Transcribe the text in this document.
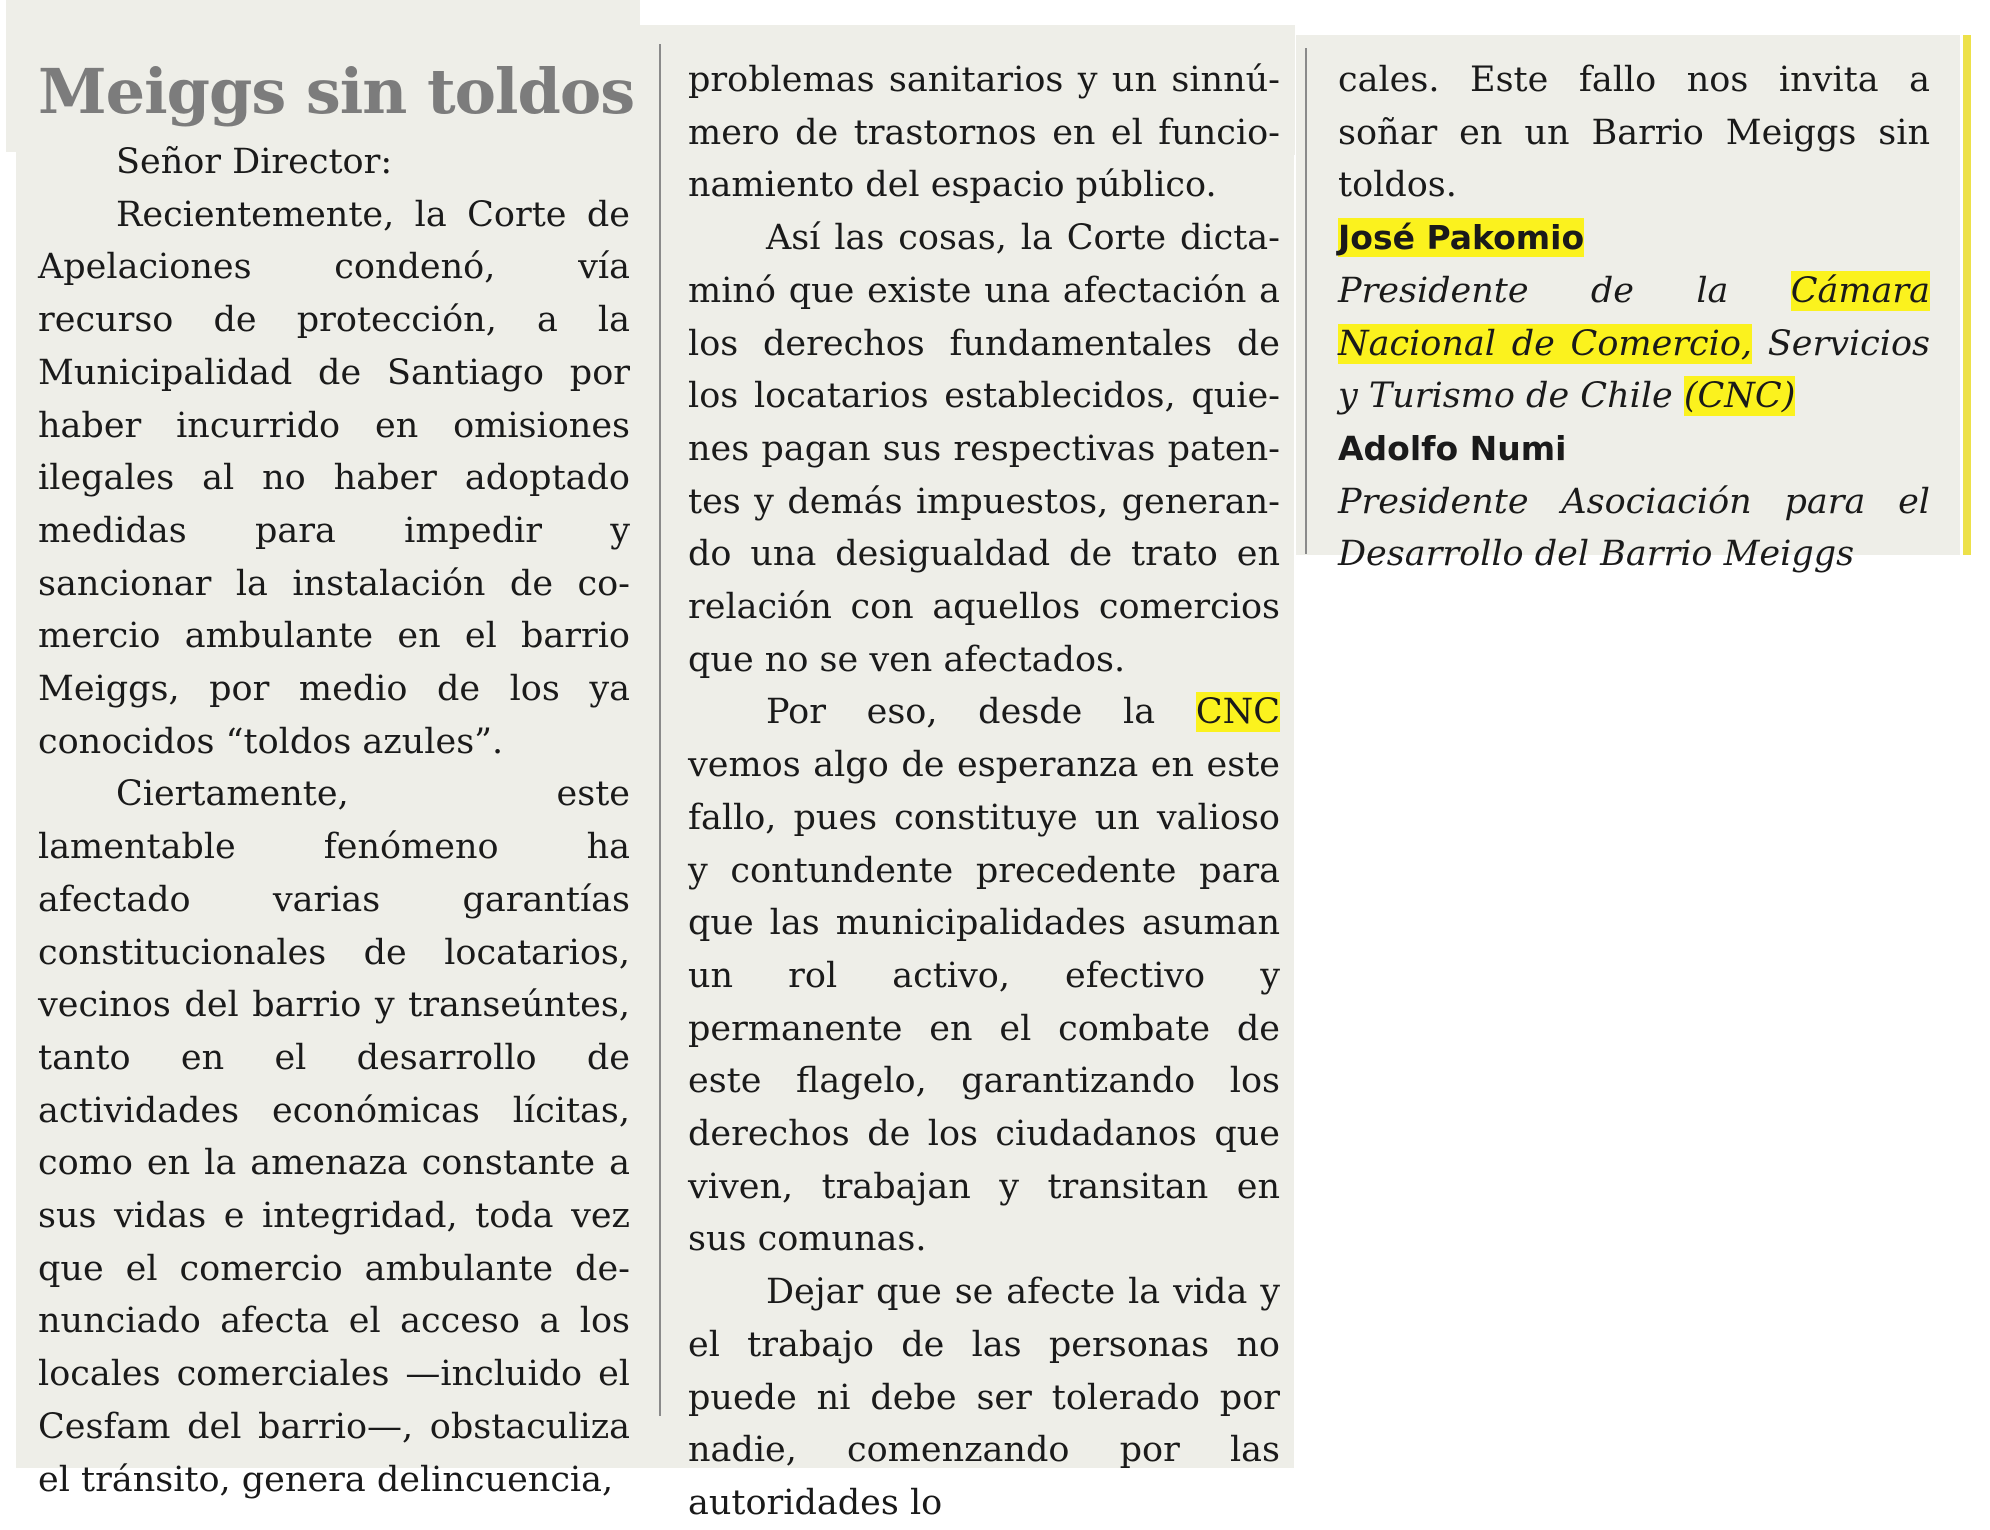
Meiggs sin toldos

Señor Director:

Recientemente, la Corte de Apelaciones condenó, vía recurso de protección, a la Municipalidad de Santiago por haber incurrido en omisiones ilegales al no haber adoptado medidas para impedir y sancionar la instalación de comercio ambulante en el barrio Meiggs, por medio de los ya conocidos “toldos azules”.

Ciertamente, este lamentable fenómeno ha afectado varias garantías constitucionales de locatarios, vecinos del barrio y transeúntes, tanto en el desarrollo de actividades económicas lícitas, como en la amenaza constante a sus vidas e integridad, toda vez que el comercio ambulante denunciado afecta el acceso a los locales comerciales —incluido el Cesfam del barrio—, obstaculiza el tránsito, genera delincuencia,

problemas sanitarios y un sinnúmero de trastornos en el funcionamiento del espacio público.

Así las cosas, la Corte dictaminó que existe una afectación a los derechos fundamentales de los locatarios establecidos, quienes pagan sus respectivas patentes y demás impuestos, generando una desigualdad de trato en relación con aquellos comercios que no se ven afectados.

Por eso, desde la CNC vemos algo de esperanza en este fallo, pues constituye un valioso y contundente precedente para que las municipalidades asuman un rol activo, efectivo y permanente en el combate de este flagelo, garantizando los derechos de los ciudadanos que viven, trabajan y transitan en sus comunas.

Dejar que se afecte la vida y el trabajo de las personas no puede ni debe ser tolerado por nadie, comenzando por las autoridades lo

cales. Este fallo nos invita a soñar en un Barrio Meiggs sin toldos.

José Pakomio

Presidente de la Cámara Nacional de Comercio, Servicios y Turismo de Chile (CNC)

Adolfo Numi

Presidente Asociación para el Desarrollo del Barrio Meiggs
